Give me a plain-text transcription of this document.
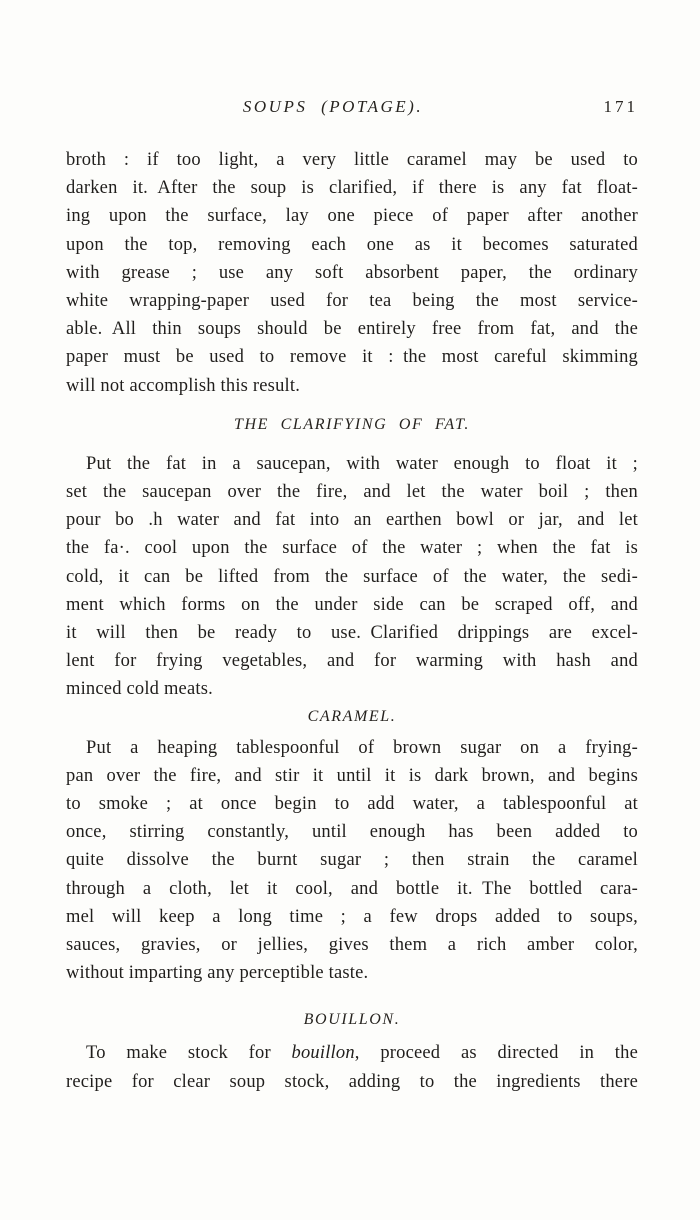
SOUPS (POTAGE).	171

broth : if too light, a very little caramel may be used to
darken it. After the soup is clarified, if there is any fat float-
ing upon the surface, lay one piece of paper after another
upon the top, removing each one as it becomes saturated
with grease ; use any soft absorbent paper, the ordinary
white wrapping-paper used for tea being the most service-
able. All thin soups should be entirely free from fat, and the
paper must be used to remove it : the most careful skimming
will not accomplish this result.

THE CLARIFYING OF FAT.

Put the fat in a saucepan, with water enough to float it ;
set the saucepan over the fire, and let the water boil ; then
pour bo .h water and fat into an earthen bowl or jar, and let
the fa·. cool upon the surface of the water ; when the fat is
cold, it can be lifted from the surface of the water, the sedi-
ment which forms on the under side can be scraped off, and
it will then be ready to use. Clarified drippings are excel-
lent for frying vegetables, and for warming with hash and
minced cold meats.

CARAMEL.

Put a heaping tablespoonful of brown sugar on a frying-
pan over the fire, and stir it until it is dark brown, and begins
to smoke ; at once begin to add water, a tablespoonful at
once, stirring constantly, until enough has been added to
quite dissolve the burnt sugar ; then strain the caramel
through a cloth, let it cool, and bottle it. The bottled cara-
mel will keep a long time ; a few drops added to soups,
sauces, gravies, or jellies, gives them a rich amber color,
without imparting any perceptible taste.

BOUILLON.

To make stock for bouillon, proceed as directed in the
recipe for clear soup stock, adding to the ingredients there
